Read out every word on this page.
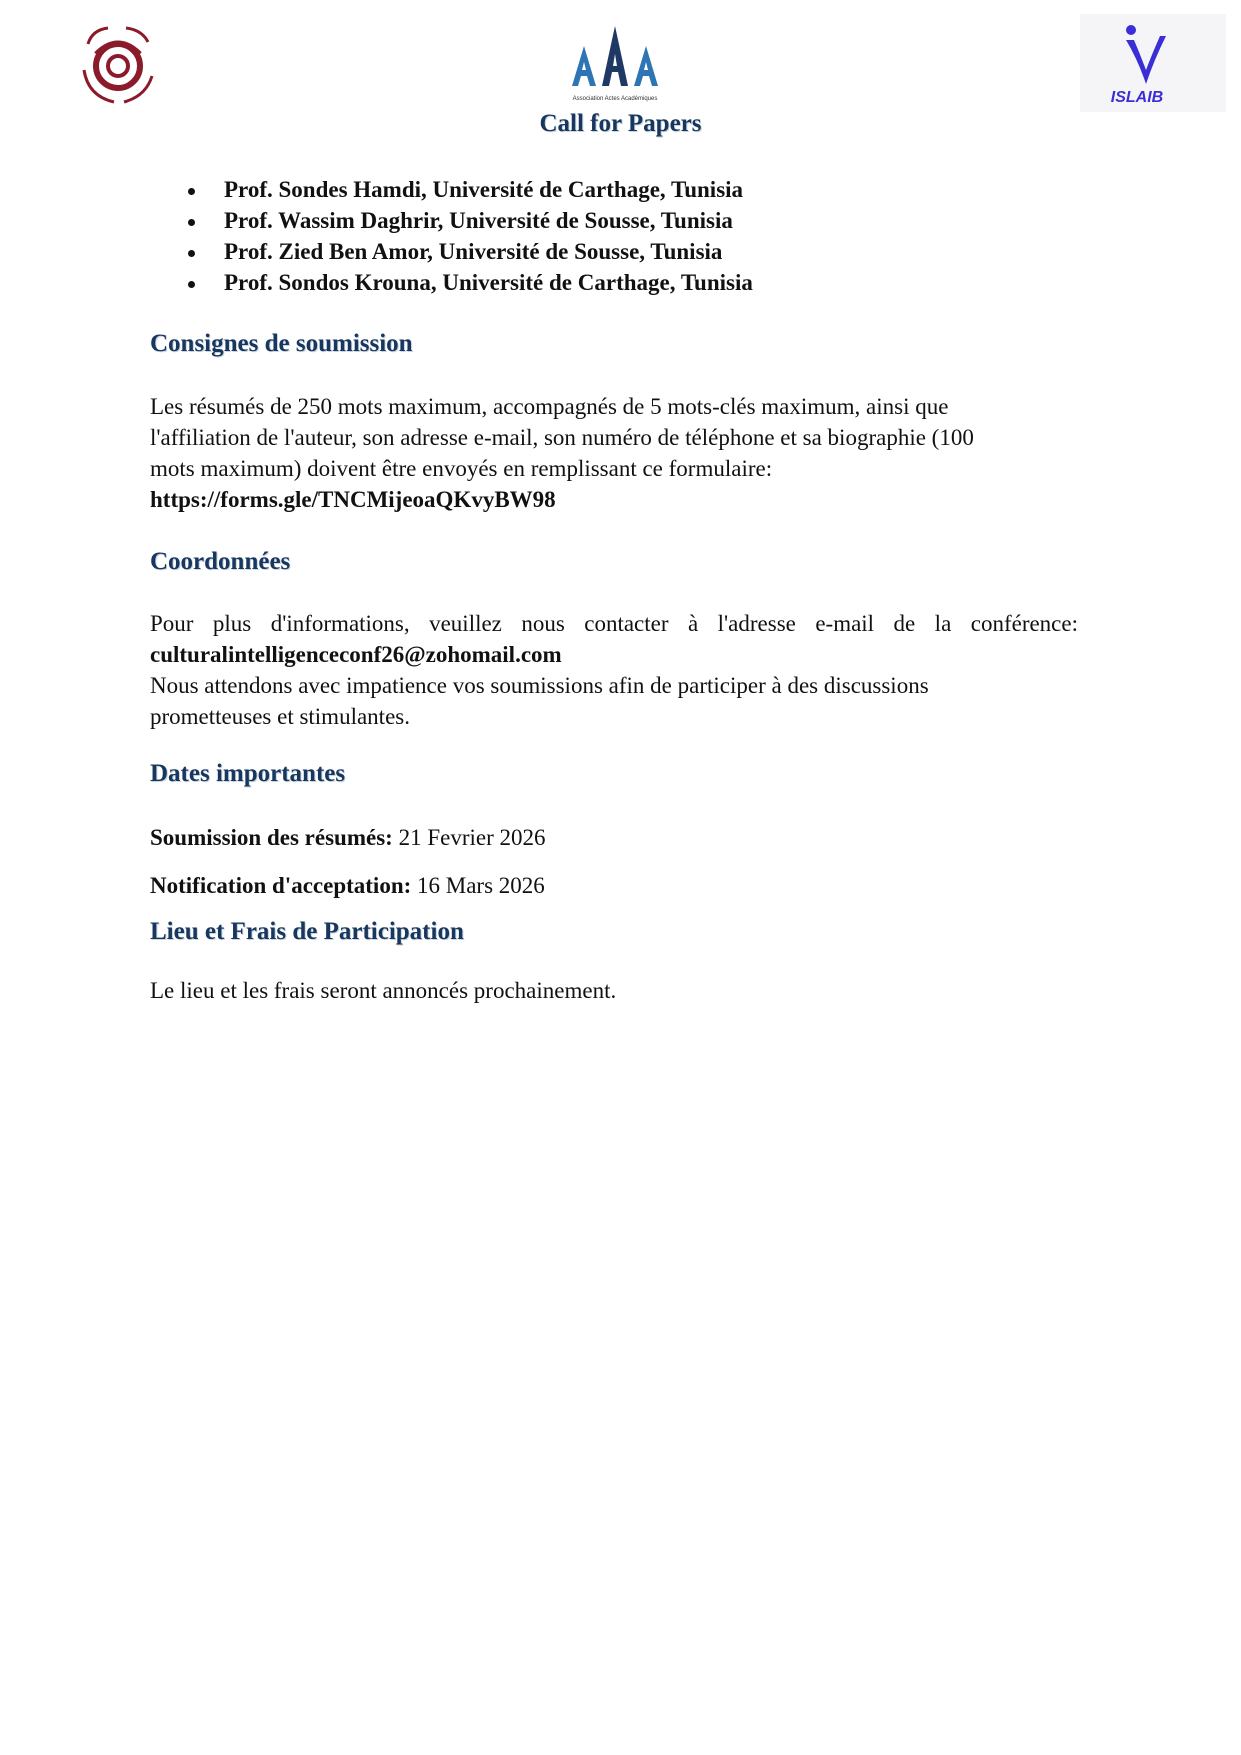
Association Actes Académiques	ISLAIB
Call for Papers
Prof. Sondes Hamdi, Université de Carthage, Tunisia
Prof. Wassim Daghrir, Université de Sousse, Tunisia
Prof. Zied Ben Amor, Université de Sousse, Tunisia
Prof. Sondos Krouna, Université de Carthage, Tunisia
Consignes de soumission
Les résumés de 250 mots maximum, accompagnés de 5 mots-clés maximum, ainsi que
l'affiliation de l'auteur, son adresse e-mail, son numéro de téléphone et sa biographie (100
mots maximum) doivent être envoyés en remplissant ce formulaire:
https://forms.gle/TNCMijeoaQKvyBW98
Coordonnées
Pour plus d'informations, veuillez nous contacter à l'adresse e-mail de la conférence:
culturalintelligenceconf26@zohomail.com
Nous attendons avec impatience vos soumissions afin de participer à des discussions
prometteuses et stimulantes.
Dates importantes

Soumission des résumés: 21 Fevrier 2026

Notification d'acceptation: 16 Mars 2026

Lieu et Frais de Participation

Le lieu et les frais seront annoncés prochainement.
